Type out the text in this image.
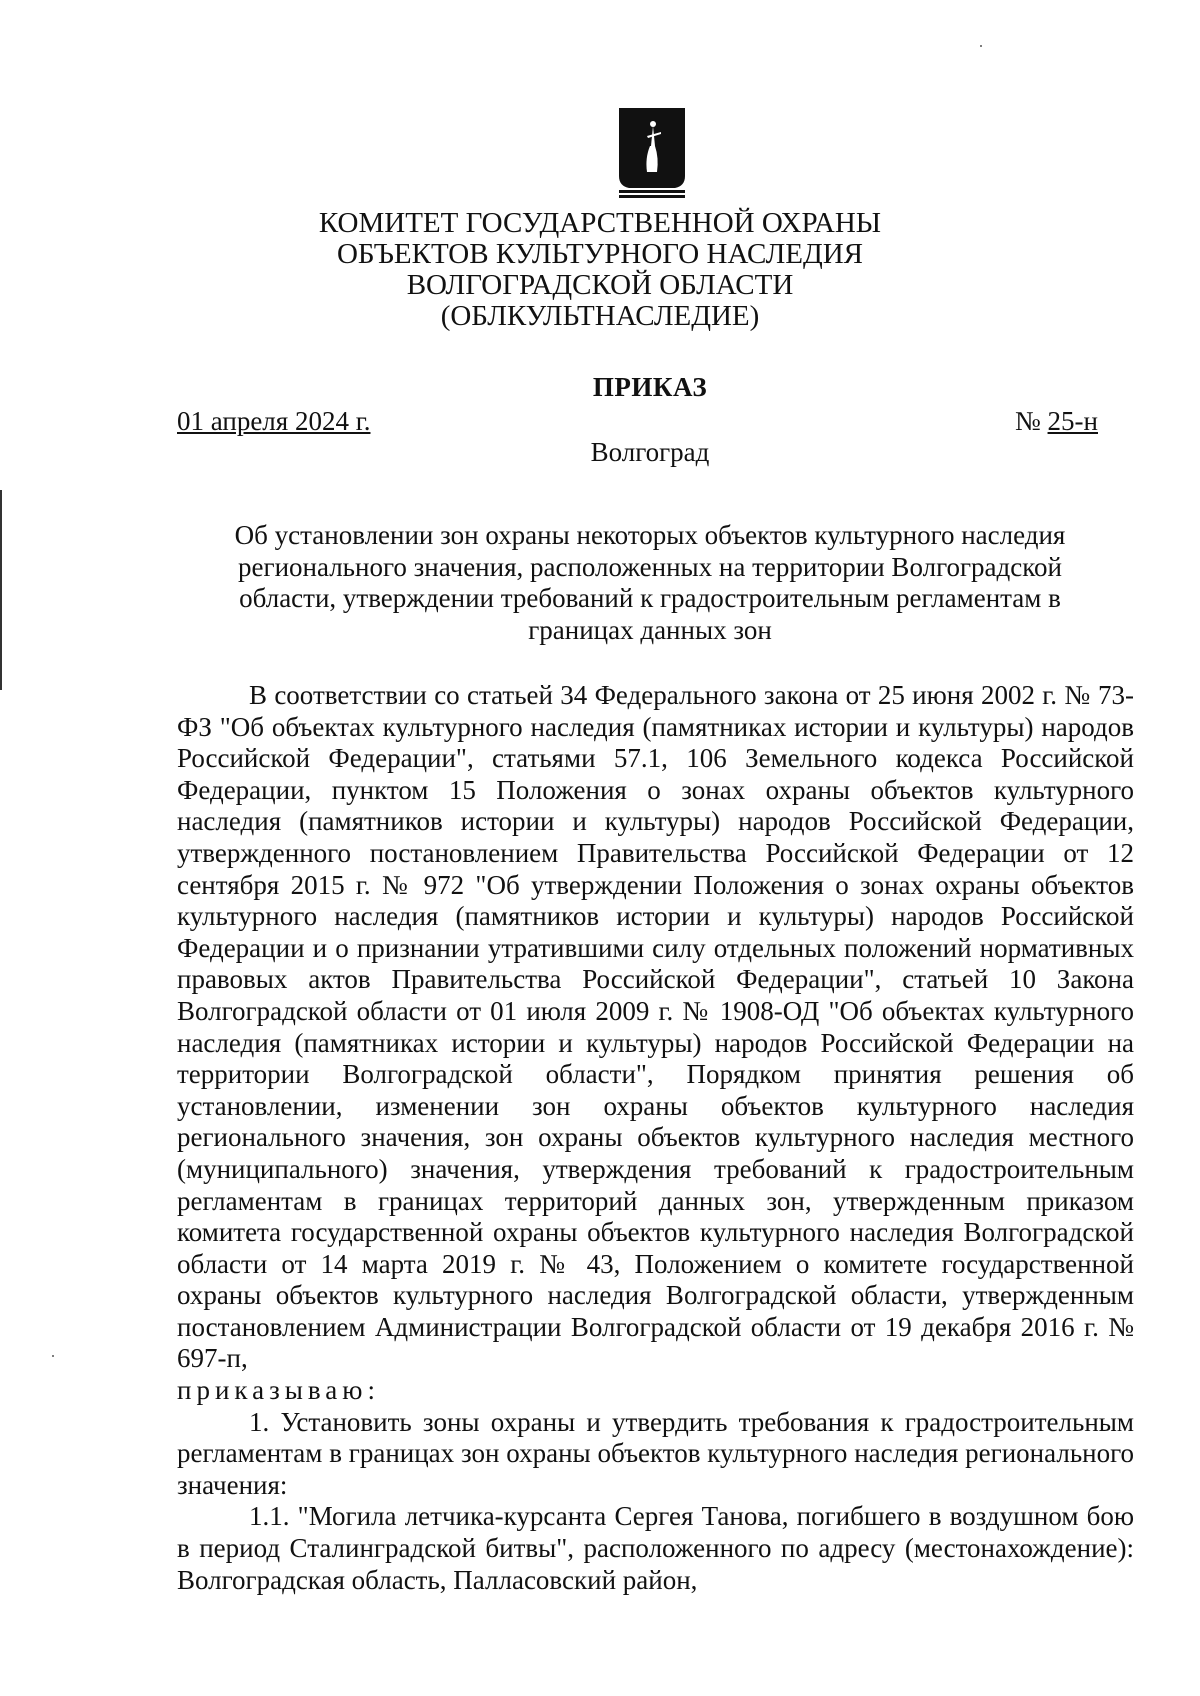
КОМИТЕТ ГОСУДАРСТВЕННОЙ ОХРАНЫ
ОБЪЕКТОВ КУЛЬТУРНОГО НАСЛЕДИЯ
ВОЛГОГРАДСКОЙ ОБЛАСТИ
(ОБЛКУЛЬТНАСЛЕДИЕ)
ПРИКАЗ
01 апреля 2024 г.	№ 25-н
Волгоград
Об установлении зон охраны некоторых объектов культурного наследия регионального значения, расположенных на территории Волгоградской области, утверждении требований к градостроительным регламентам в границах данных зон

В соответствии со статьей 34 Федерального закона от 25 июня 2002 г. № 73-ФЗ "Об объектах культурного наследия (памятниках истории и культуры) народов Российской Федерации", статьями 57.1, 106 Земельного кодекса Российской Федерации, пунктом 15 Положения о зонах охраны объектов культурного наследия (памятников истории и культуры) народов Российской Федерации, утвержденного постановлением Правительства Российской Федерации от 12 сентября 2015 г. № 972 "Об утверждении Положения о зонах охраны объектов культурного наследия (памятников истории и культуры) народов Российской Федерации и о признании утратившими силу отдельных положений нормативных правовых актов Правительства Российской Федерации", статьей 10 Закона Волгоградской области от 01 июля 2009 г. № 1908-ОД "Об объектах культурного наследия (памятниках истории и культуры) народов Российской Федерации на территории Волгоградской области", Порядком принятия решения об установлении, изменении зон охраны объектов культурного наследия регионального значения, зон охраны объектов культурного наследия местного (муниципального) значения, утверждения требований к градостроительным регламентам в границах территорий данных зон, утвержденным приказом комитета государственной охраны объектов культурного наследия Волгоградской области от 14 марта 2019 г. № 43, Положением о комитете государственной охраны объектов культурного наследия Волгоградской области, утвержденным постановлением Администрации Волгоградской области от 19 декабря 2016 г. № 697-п,
приказываю:

1. Установить зоны охраны и утвердить требования к градостроительным регламентам в границах зон охраны объектов культурного наследия регионального значения:

1.1. "Могила летчика-курсанта Сергея Танова, погибшего в воздушном бою в период Сталинградской битвы", расположенного по адресу (местонахождение): Волгоградская область, Палласовский район,
